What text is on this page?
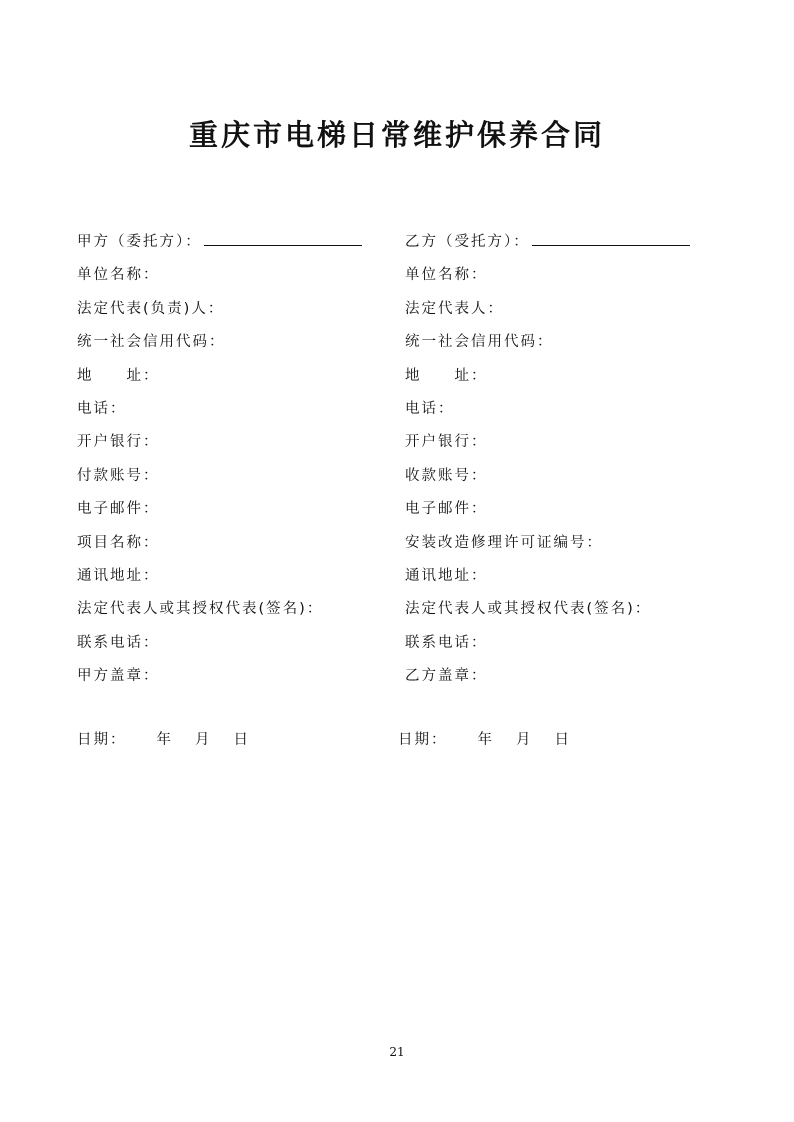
重庆市电梯日常维护保养合同
甲方（委托方）：
单位名称：
法定代表(负责)人：
统一社会信用代码：
地　　址：
电话：
开户银行：
付款账号：
电子邮件：
项目名称：
通讯地址：
法定代表人或其授权代表(签名)：
联系电话：
甲方盖章：
乙方（受托方）：
单位名称：
法定代表人：
统一社会信用代码：
地　　址：
电话：
开户银行：
收款账号：
电子邮件：
安装改造修理许可证编号：
通讯地址：
法定代表人或其授权代表(签名)：
联系电话：
乙方盖章：
日期： 年 月 日	日期： 年 月 日
21
